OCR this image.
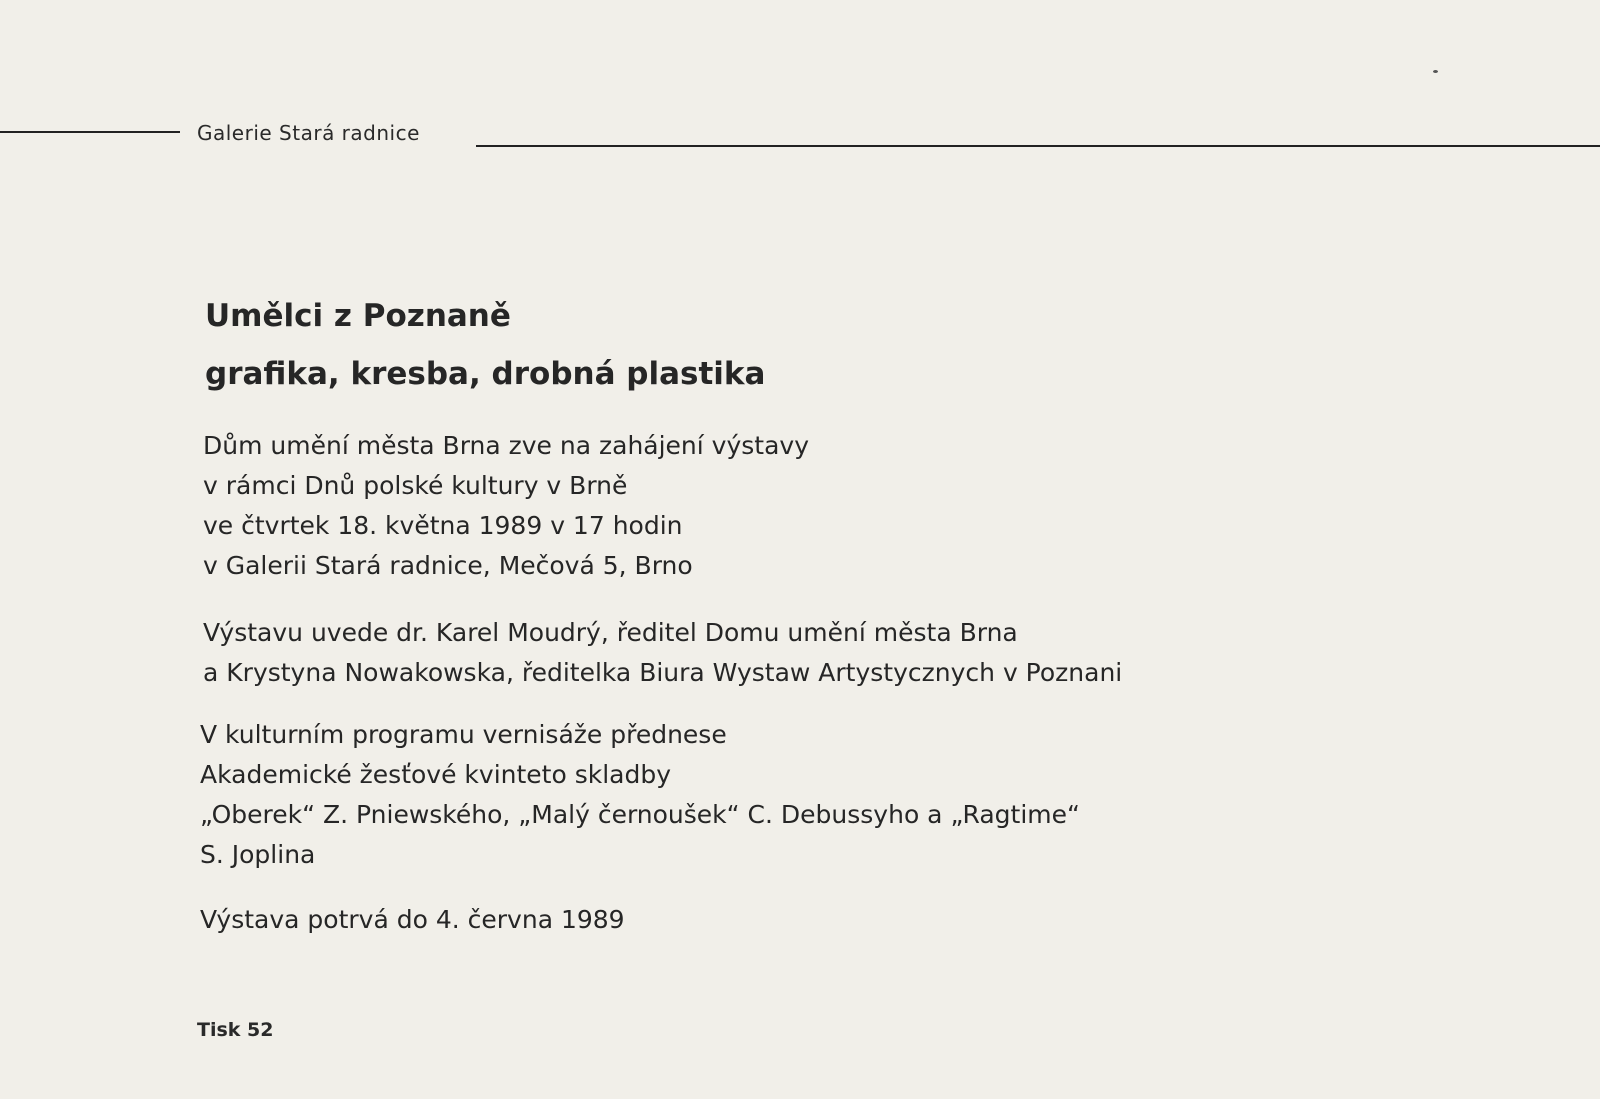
Galerie Stará radnice
Umělci z Poznaně
grafika, kresba, drobná plastika
Dům umění města Brna zve na zahájení výstavy
v rámci Dnů polské kultury v Brně
ve čtvrtek 18. května 1989 v 17 hodin
v Galerii Stará radnice, Mečová 5, Brno
Výstavu uvede dr. Karel Moudrý, ředitel Domu umění města Brna
a Krystyna Nowakowska, ředitelka Biura Wystaw Artystycznych v Poznani
V kulturním programu vernisáže přednese
Akademické žesťové kvinteto skladby
„Oberek“ Z. Pniewského, „Malý černoušek“ C. Debussyho a „Ragtime“
S. Joplina
Výstava potrvá do 4. června 1989
Tisk 52
